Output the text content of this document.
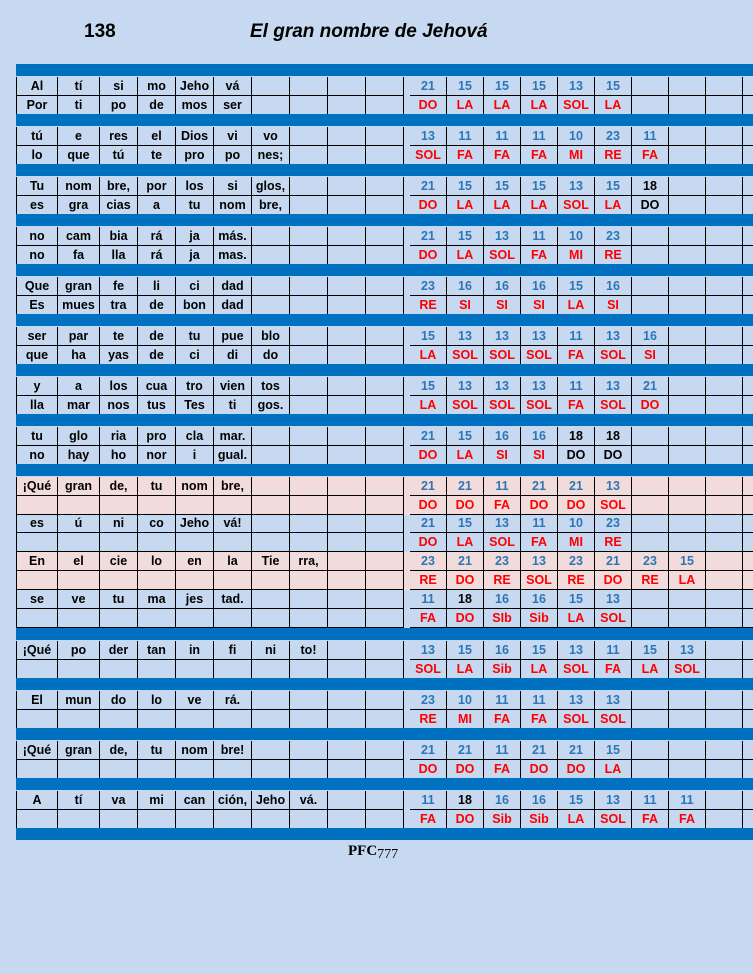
138	El gran nombre de Jehová
Al	tí	si	mo	Jeho	vá	21	15	15	15	13	15
Por	ti	po	de	mos	ser	DO	LA	LA	LA	SOL	LA
tú	e	res	el	Dios	vi	vo	13	11	11	11	10	23	11
lo	que	tú	te	pro	po	nes;	SOL	FA	FA	FA	MI	RE	FA
Tu	nom	bre,	por	los	si	glos,	21	15	15	15	13	15	18
es	gra	cias	a	tu	nom	bre,	DO	LA	LA	LA	SOL	LA	DO
no	cam	bia	rá	ja	más.	21	15	13	11	10	23
no	fa	lla	rá	ja	mas.	DO	LA	SOL	FA	MI	RE
Que	gran	fe	li	ci	dad	23	16	16	16	15	16
Es	mues	tra	de	bon	dad	RE	SI	SI	SI	LA	SI
ser	par	te	de	tu	pue	blo	15	13	13	13	11	13	16
que	ha	yas	de	ci	di	do	LA	SOL SOL SOL	FA	SOL	SI
y	a	los	cua	tro	vien	tos	15	13	13	13	11	13	21
lla	mar	nos	tus	Tes	ti	gos.	LA	SOL SOL SOL	FA	SOL	DO
tu	glo	ria	pro	cla	mar.	21	15	16	16	18	18
no	hay	ho	nor	i	gual.	DO	LA	SI	SI	DO	DO
¡Qué	gran	de,	tu	nom	bre,	21	21	11	21	21	13
DO	DO	FA	DO	DO	SOL
es	ú	ni	co	Jeho	vá!	21	15	13	11	10	23
DO	LA	SOL	FA	MI	RE
En	el	cie	lo	en	la	Tie	rra,	23	21	23	13	23	21	23	15
RE	DO	RE	SOL	RE	DO	RE	LA
se	ve	tu	ma	jes	tad.	11	18	16	16	15	13
FA	DO	SIb	Sib	LA	SOL
¡Qué	po	der	tan	in	fi	ni	to!	13	15	16	15	13	11	15	13
SOL	LA	Sib	LA	SOL	FA	LA	SOL
El	mun	do	lo	ve	rá.	23	10	11	11	13	13
RE	MI	FA	FA	SOL SOL
¡Qué	gran	de,	tu	nom	bre!	21	21	11	21	21	15
DO	DO	FA	DO	DO	LA
A	tí	va	mi	can	ción, Jeho	vá.	11	18	16	16	15	13	11	11
FA	DO	Sib	Sib	LA	SOL	FA	FA
PFC777
